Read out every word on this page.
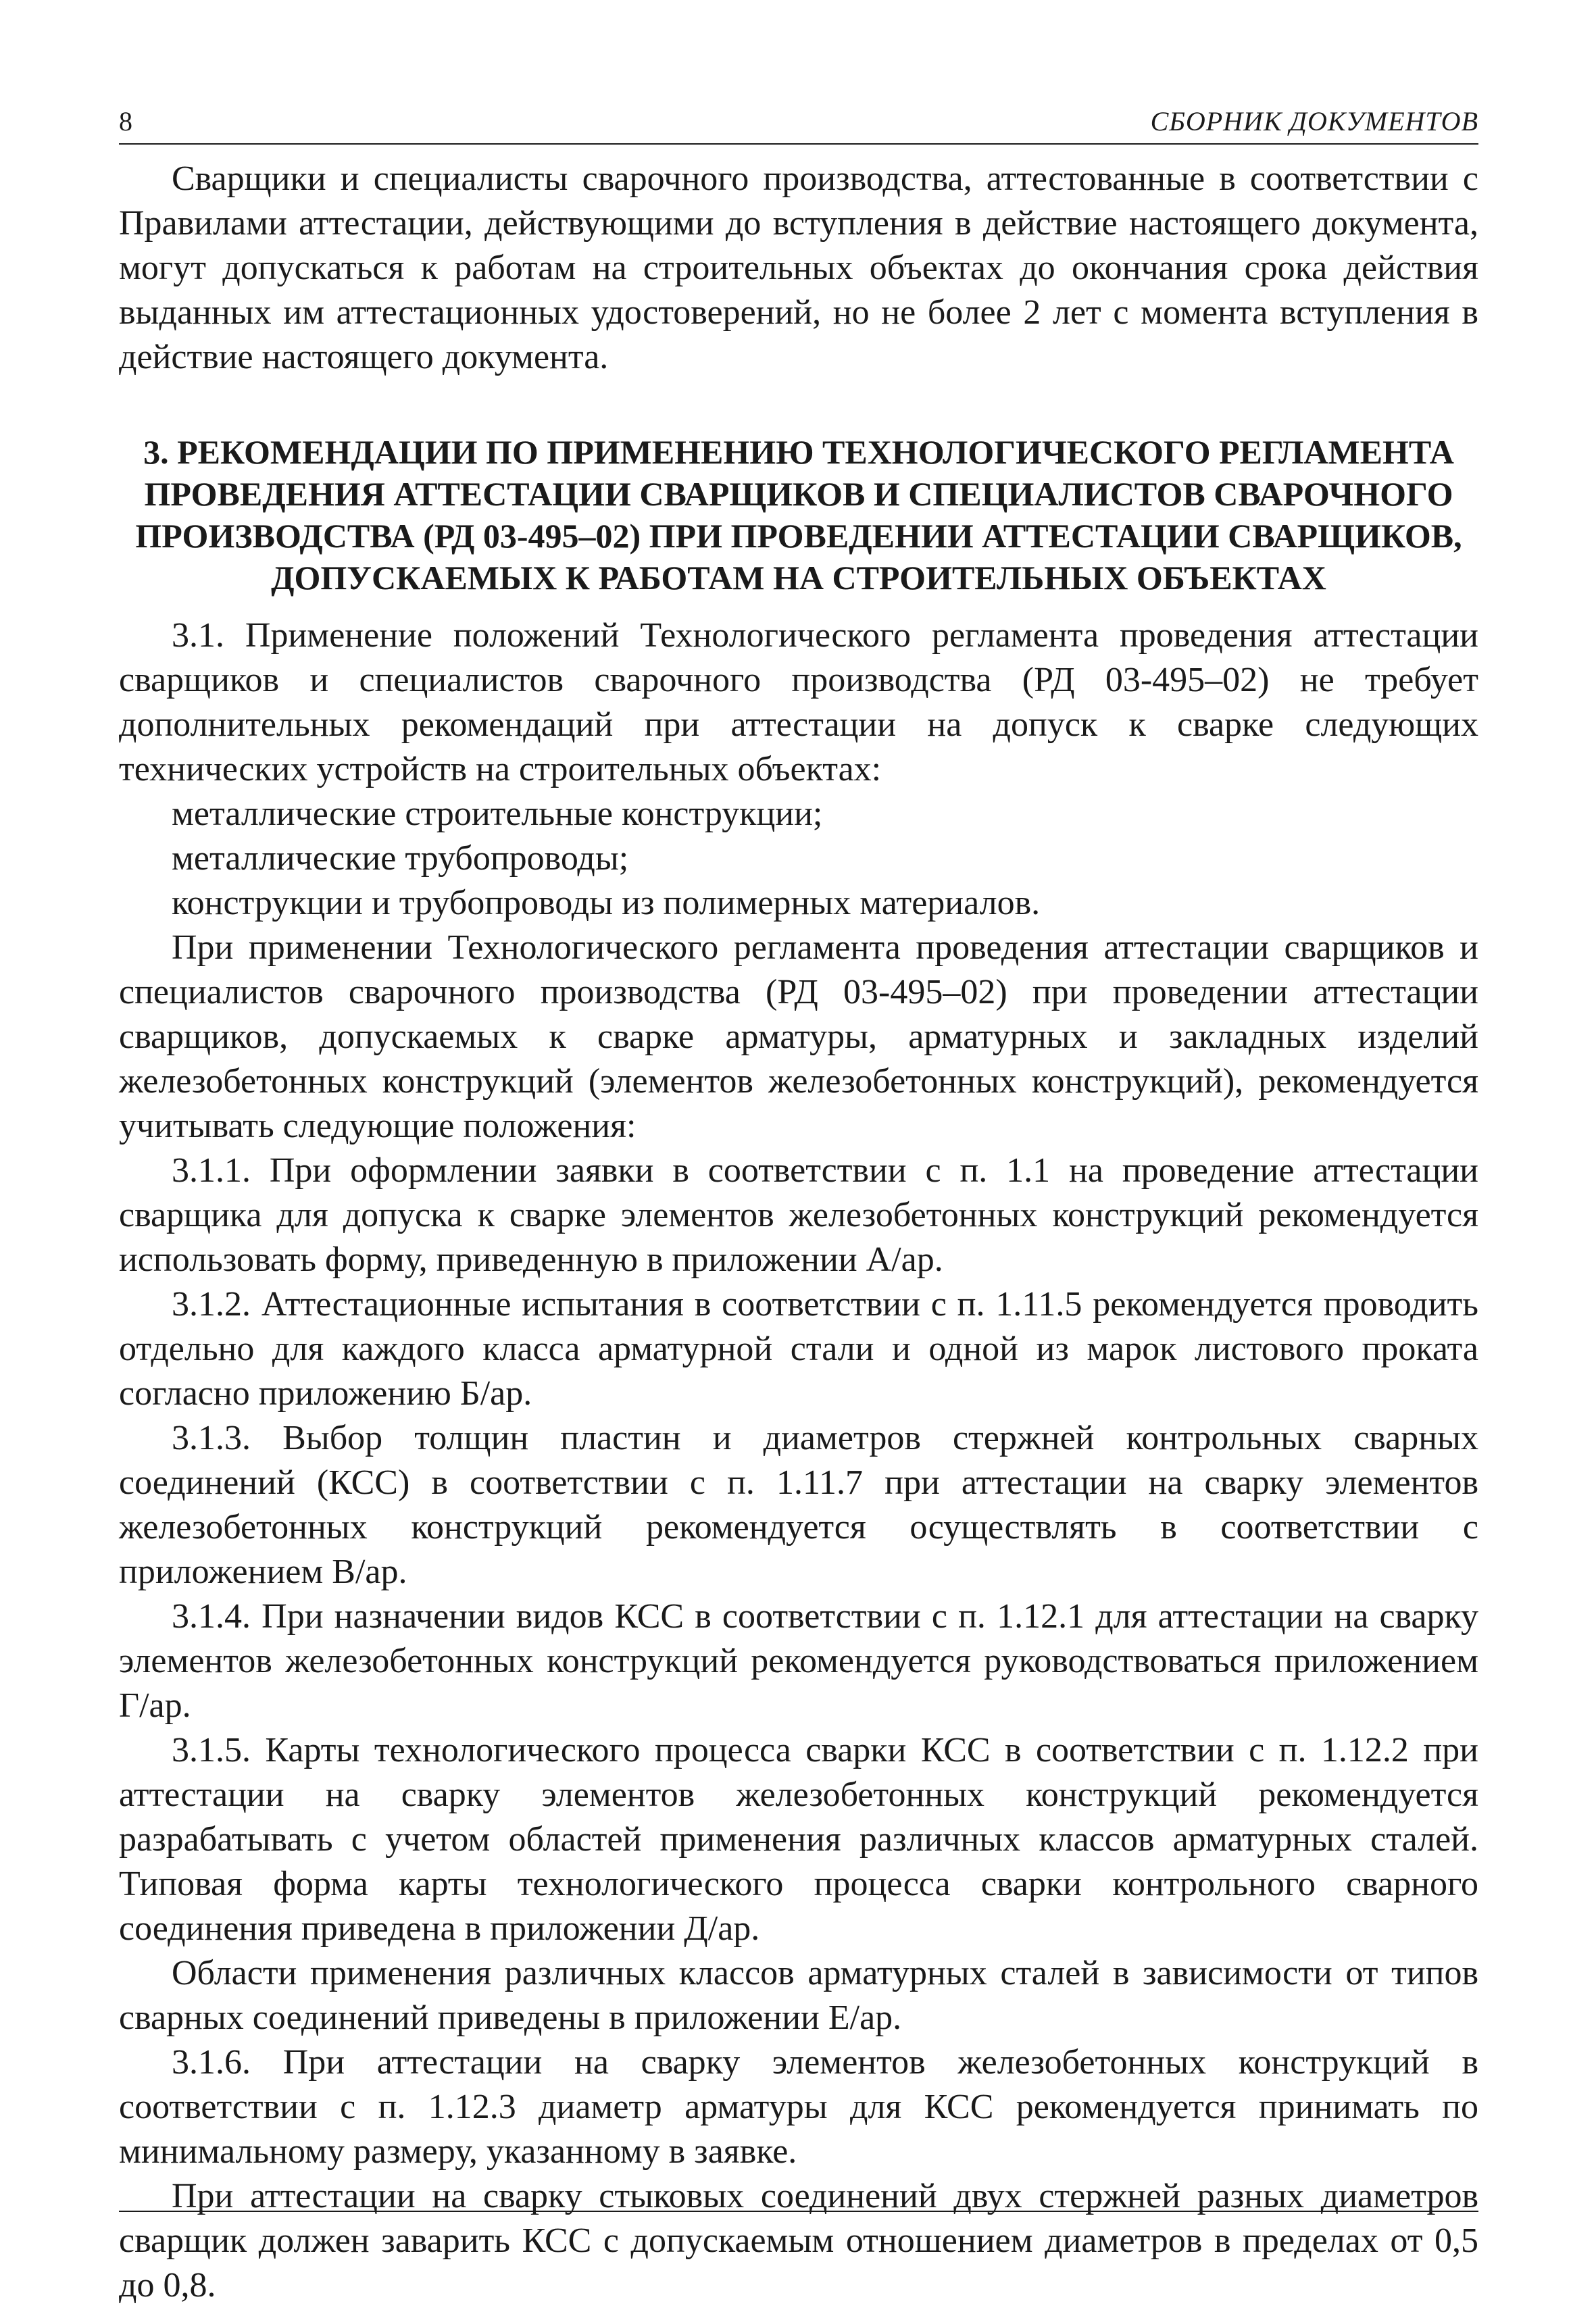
8	СБОРНИК ДОКУМЕНТОВ

Сварщики и специалисты сварочного производства, аттестованные в соответствии с Правилами аттестации, действующими до вступления в действие настоящего документа, могут допускаться к работам на строительных объектах до окончания срока действия выданных им аттестационных удостоверений, но не более 2 лет с момента вступления в действие настоящего документа.

3. РЕКОМЕНДАЦИИ ПО ПРИМЕНЕНИЮ ТЕХНОЛОГИЧЕСКОГО РЕГЛАМЕНТА ПРОВЕДЕНИЯ АТТЕСТАЦИИ СВАРЩИКОВ И СПЕЦИАЛИСТОВ СВАРОЧНОГО ПРОИЗВОДСТВА (РД 03-495–02) ПРИ ПРОВЕДЕНИИ АТТЕСТАЦИИ СВАРЩИКОВ, ДОПУСКАЕМЫХ К РАБОТАМ НА СТРОИТЕЛЬНЫХ ОБЪЕКТАХ

3.1. Применение положений Технологического регламента проведения аттестации сварщиков и специалистов сварочного производства (РД 03-495–02) не требует дополнительных рекомендаций при аттестации на допуск к сварке следующих технических устройств на строительных объектах:

металлические строительные конструкции;

металлические трубопроводы;

конструкции и трубопроводы из полимерных материалов.

При применении Технологического регламента проведения аттестации сварщиков и специалистов сварочного производства (РД 03-495–02) при проведении аттестации сварщиков, допускаемых к сварке арматуры, арматурных и закладных изделий железобетонных конструкций (элементов железобетонных конструкций), рекомендуется учитывать следующие положения:

3.1.1. При оформлении заявки в соответствии с п. 1.1 на проведение аттестации сварщика для допуска к сварке элементов железобетонных конструкций рекомендуется использовать форму, приведенную в приложении А/ар.

3.1.2. Аттестационные испытания в соответствии с п. 1.11.5 рекомендуется проводить отдельно для каждого класса арматурной стали и одной из марок листового проката согласно приложению Б/ар.

3.1.3. Выбор толщин пластин и диаметров стержней контрольных сварных соединений (КСС) в соответствии с п. 1.11.7 при аттестации на сварку элементов железобетонных конструкций рекомендуется осуществлять в соответствии с приложением В/ар.

3.1.4. При назначении видов КСС в соответствии с п. 1.12.1 для аттестации на сварку элементов железобетонных конструкций рекомендуется руководствоваться приложением Г/ар.

3.1.5. Карты технологического процесса сварки КСС в соответствии с п. 1.12.2 при аттестации на сварку элементов железобетонных конструкций рекомендуется разрабатывать с учетом областей применения различных классов арматурных сталей. Типовая форма карты технологического процесса сварки контрольного сварного соединения приведена в приложении Д/ар.

Области применения различных классов арматурных сталей в зависимости от типов сварных соединений приведены в приложении Е/ар.

3.1.6. При аттестации на сварку элементов железобетонных конструкций в соответствии с п. 1.12.3 диаметр арматуры для КСС рекомендуется принимать по минимальному размеру, указанному в заявке.

При аттестации на сварку стыковых соединений двух стержней разных диаметров сварщик должен заварить КСС с допускаемым отношением диаметров в пределах от 0,5 до 0,8.
